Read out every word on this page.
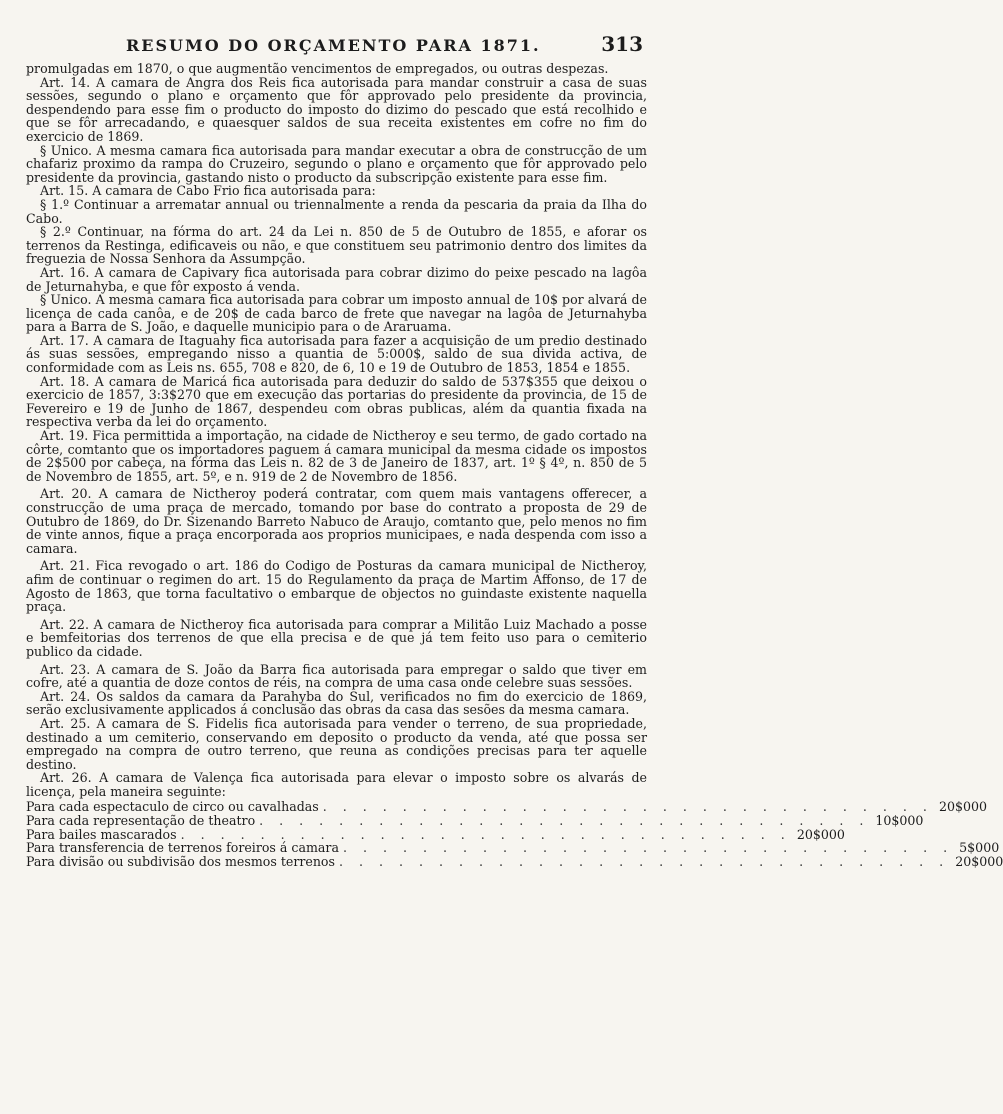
RESUMO DO ORÇAMENTO PARA 1871.	313

promulgadas em 1870, o que augmentão vencimentos de empregados, ou outras despezas.

Art. 14. A camara de Angra dos Reis fica autorisada para mandar construir a casa de suas sessões, segundo o plano e orçamento que fôr approvado pelo presidente da provincia, despendendo para esse fim o producto do imposto do dizimo do pescado que está recolhido e que se fôr arrecadando, e quaesquer saldos de sua receita existentes em cofre no fim do exercicio de 1869.

§ Unico. A mesma camara fica autorisada para mandar executar a obra de construcção de um chafariz proximo da rampa do Cruzeiro, segundo o plano e orçamento que fôr approvado pelo presidente da provincia, gastando nisto o producto da subscripção existente para esse fim.

Art. 15. A camara de Cabo Frio fica autorisada para:

§ 1.º Continuar a arrematar annual ou triennalmente a renda da pescaria da praia da Ilha do Cabo.

§ 2.º Continuar, na fórma do art. 24 da Lei n. 850 de 5 de Outubro de 1855, e aforar os terrenos da Restinga, edificaveis ou não, e que constituem seu patrimonio dentro dos limites da freguezia de Nossa Senhora da Assumpção.

Art. 16. A camara de Capivary fica autorisada para cobrar dizimo do peixe pescado na lagôa de Jeturnahyba, e que fôr exposto á venda.

§ Unico. A mesma camara fica autorisada para cobrar um imposto annual de 10$ por alvará de licença de cada canôa, e de 20$ de cada barco de frete que navegar na lagôa de Jeturnahyba para a Barra de S. João, e daquelle municipio para o de Araruama.

Art. 17. A camara de Itaguahy fica autorisada para fazer a acquisição de um predio destinado ás suas sessões, empregando nisso a quantia de 5:000$, saldo de sua divida activa, de conformidade com as Leis ns. 655, 708 e 820, de 6, 10 e 19 de Outubro de 1853, 1854 e 1855.

Art. 18. A camara de Maricá fica autorisada para deduzir do saldo de 537$355 que deixou o exercicio de 1857, 3:3$270 que em execução das portarias do presidente da provincia, de 15 de Fevereiro e 19 de Junho de 1867, despendeu com obras publicas, além da quantia fixada na respectiva verba da lei do orçamento.

Art. 19. Fica permittida a importação, na cidade de Nictheroy e seu termo, de gado cortado na côrte, comtanto que os importadores paguem á camara municipal da mesma cidade os impostos de 2$500 por cabeça, na fórma das Leis n. 82 de 3 de Janeiro de 1837, art. 1º § 4º, n. 850 de 5 de Novembro de 1855, art. 5º, e n. 919 de 2 de Novembro de 1856.

Art. 20. A camara de Nictheroy poderá contratar, com quem mais vantagens offerecer, a construcção de uma praça de mercado, tomando por base do contrato a proposta de 29 de Outubro de 1869, do Dr. Sizenando Barreto Nabuco de Araujo, comtanto que, pelo menos no fim de vinte annos, fique a praça encorporada aos proprios municipaes, e nada despenda com isso a camara.

Art. 21. Fica revogado o art. 186 do Codigo de Posturas da camara municipal de Nictheroy, afim de continuar o regimen do art. 15 do Regulamento da praça de Martim Affonso, de 17 de Agosto de 1863, que torna facultativo o embarque de objectos no guindaste existente naquella praça.

Art. 22. A camara de Nictheroy fica autorisada para comprar a Militão Luiz Machado a posse e bemfeitorias dos terrenos de que ella precisa e de que já tem feito uso para o cemiterio publico da cidade.

Art. 23. A camara de S. João da Barra fica autorisada para empregar o saldo que tiver em cofre, até a quantia de doze contos de réis, na compra de uma casa onde celebre suas sessões.

Art. 24. Os saldos da camara da Parahyba do Sul, verificados no fim do exercicio de 1869, serão exclusivamente applicados á conclusão das obras da casa das sesões da mesma camara.

Art. 25. A camara de S. Fidelis fica autorisada para vender o terreno, de sua propriedade, destinado a um cemiterio, conservando em deposito o producto da venda, até que possa ser empregado na compra de outro terreno, que reuna as condições precisas para ter aquelle destino.

Art. 26. A camara de Valença fica autorisada para elevar o imposto sobre os alvarás de licença, pela maneira seguinte:

Para cada espectaculo de circo ou cavalhadas . . . . . . . . . . . . . . . . . . . . . . . . . . . . . . . 20$000
Para cada representação de theatro . . . . . . . . . . . . . . . . . . . . . . . . . . . . . . . 10$000
Para bailes mascarados . . . . . . . . . . . . . . . . . . . . . . . . . . . . . . . 20$000
Para transferencia de terrenos foreiros á camara . . . . . . . . . . . . . . . . . . . . . . . . . . . . . . . 5$000
Para divisão ou subdivisão dos mesmos terrenos . . . . . . . . . . . . . . . . . . . . . . . . . . . . . . . 20$000
